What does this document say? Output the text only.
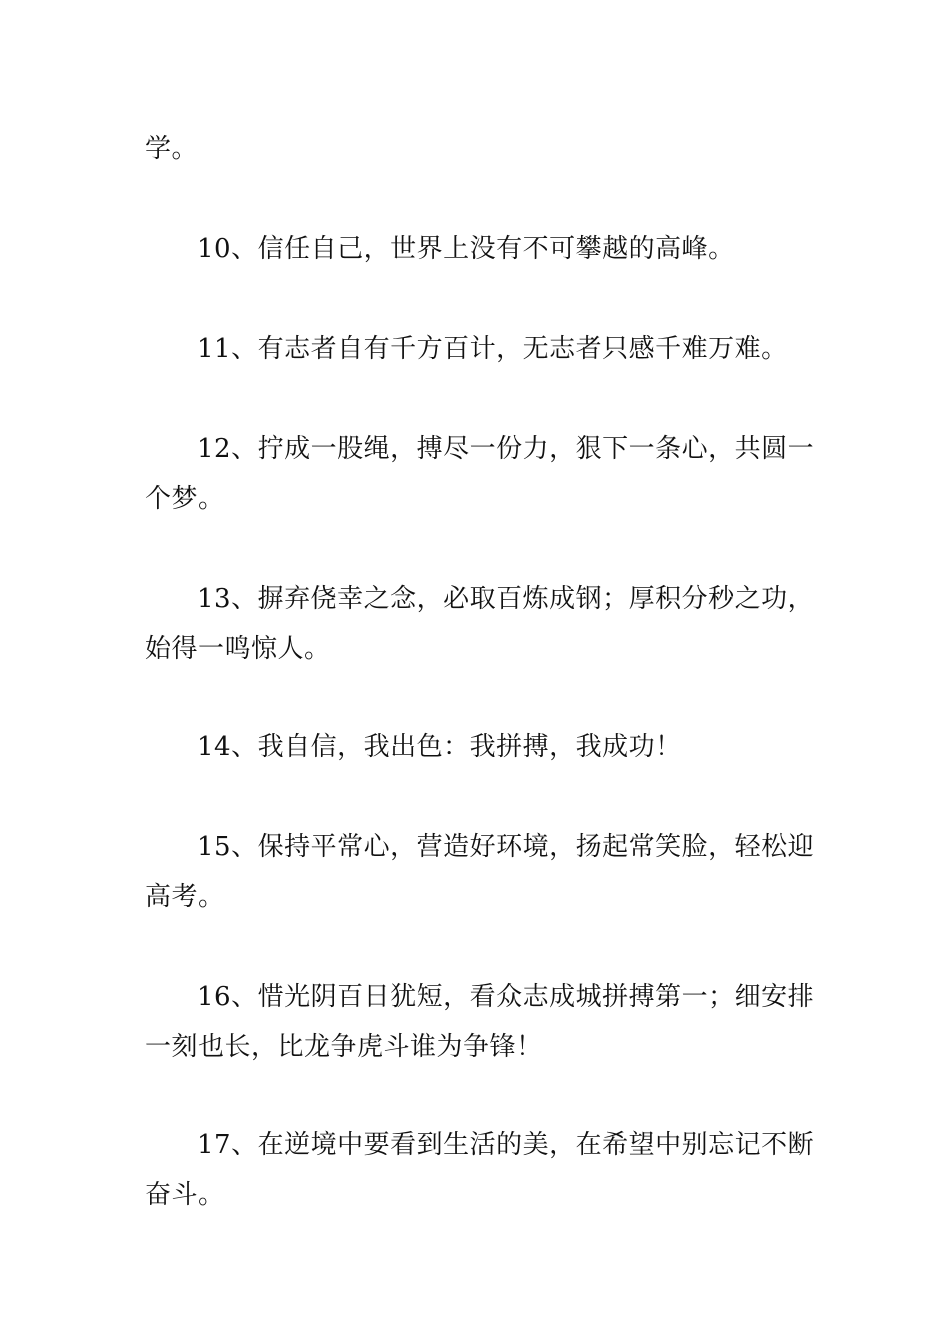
学。

10、信任自己，世界上没有不可攀越的高峰。

11、有志者自有千方百计，无志者只感千难万难。

12、拧成一股绳，搏尽一份力，狠下一条心，共圆一
个梦。

13、摒弃侥幸之念，必取百炼成钢；厚积分秒之功，
始得一鸣惊人。

14、我自信，我出色：我拼搏，我成功！

15、保持平常心，营造好环境，扬起常笑脸，轻松迎
高考。

16、惜光阴百日犹短，看众志成城拼搏第一；细安排
一刻也长，比龙争虎斗谁为争锋！

17、在逆境中要看到生活的美，在希望中别忘记不断
奋斗。
